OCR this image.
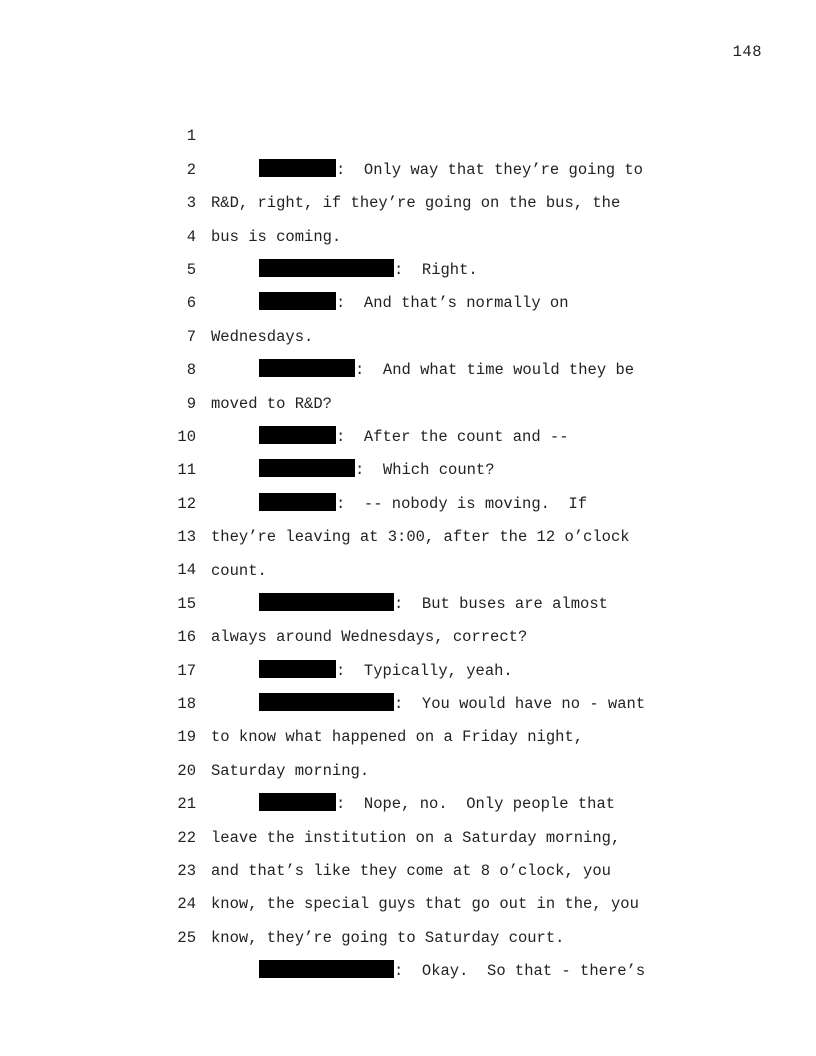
148

1

:  Only way that they’re going to

2

R&D, right, if they’re going on the bus, the

3

bus is coming.

4

:  Right.

5

:  And that’s normally on

6

Wednesdays.

7

:  And what time would they be

8

moved to R&D?

9

:  After the count and --

10

:  Which count?

11

:  -- nobody is moving.  If

12

they’re leaving at 3:00, after the 12 o’clock

13

count.

14

:  But buses are almost

15

always around Wednesdays, correct?

16

:  Typically, yeah.

17

:  You would have no - want

18

to know what happened on a Friday night,

19

Saturday morning.

20

:  Nope, no.  Only people that

21

leave the institution on a Saturday morning,

22

and that’s like they come at 8 o’clock, you

23

know, the special guys that go out in the, you

24

know, they’re going to Saturday court.

25

:  Okay.  So that - there’s
